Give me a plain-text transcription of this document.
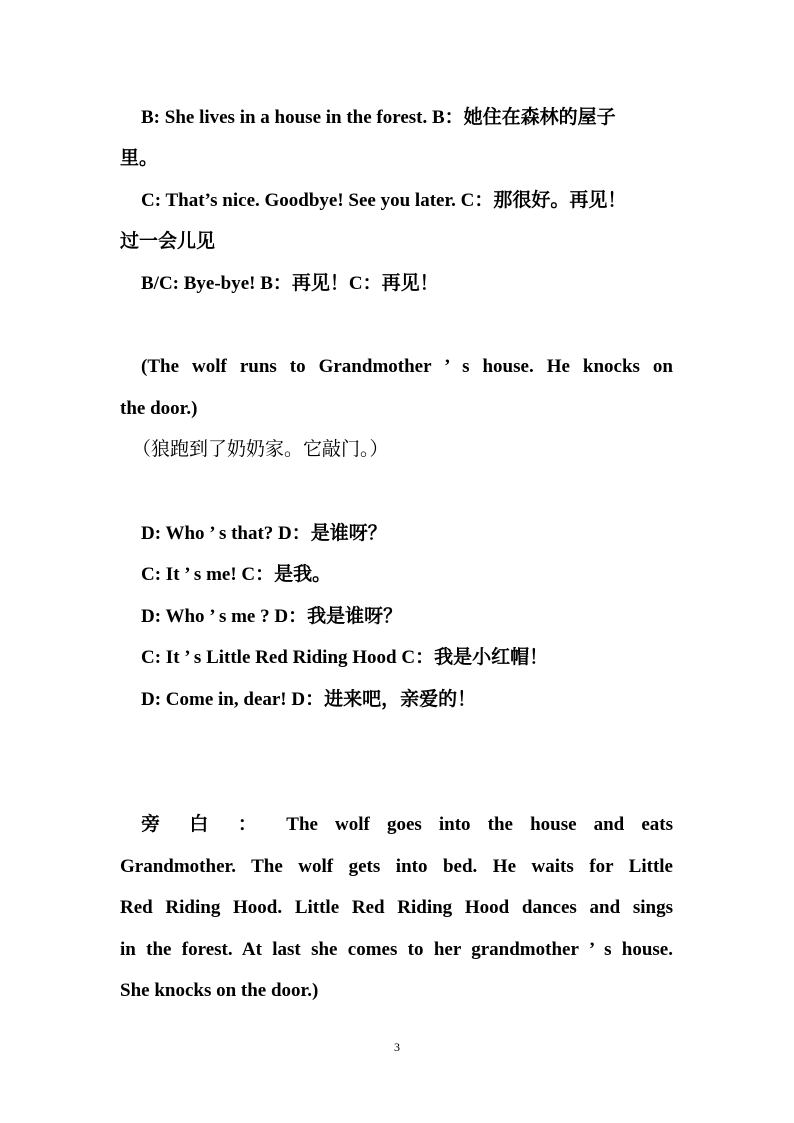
B: She lives in a house in the forest. B：她住在森林的屋子

里。

C: That’s nice. Goodbye! See you later. C：那很好。再见！

过一会儿见

B/C: Bye-bye! B：再见！C：再见！

(The wolf runs to Grandmother ’ s house. He knocks on

the door.)

（狼跑到了奶奶家。它敲门。）

D: Who ’ s that? D：是谁呀？

C: It ’ s me! C：是我。

D: Who ’ s me ? D：我是谁呀？

C: It ’ s Little Red Riding Hood C：我是小红帽！

D: Come in, dear! D：进来吧，亲爱的！

旁 白 ： The wolf goes into the house and eats

Grandmother. The wolf gets into bed. He waits for Little

Red Riding Hood. Little Red Riding Hood dances and sings

in the forest. At last she comes to her grandmother ’ s house.

She knocks on the door.)

3
